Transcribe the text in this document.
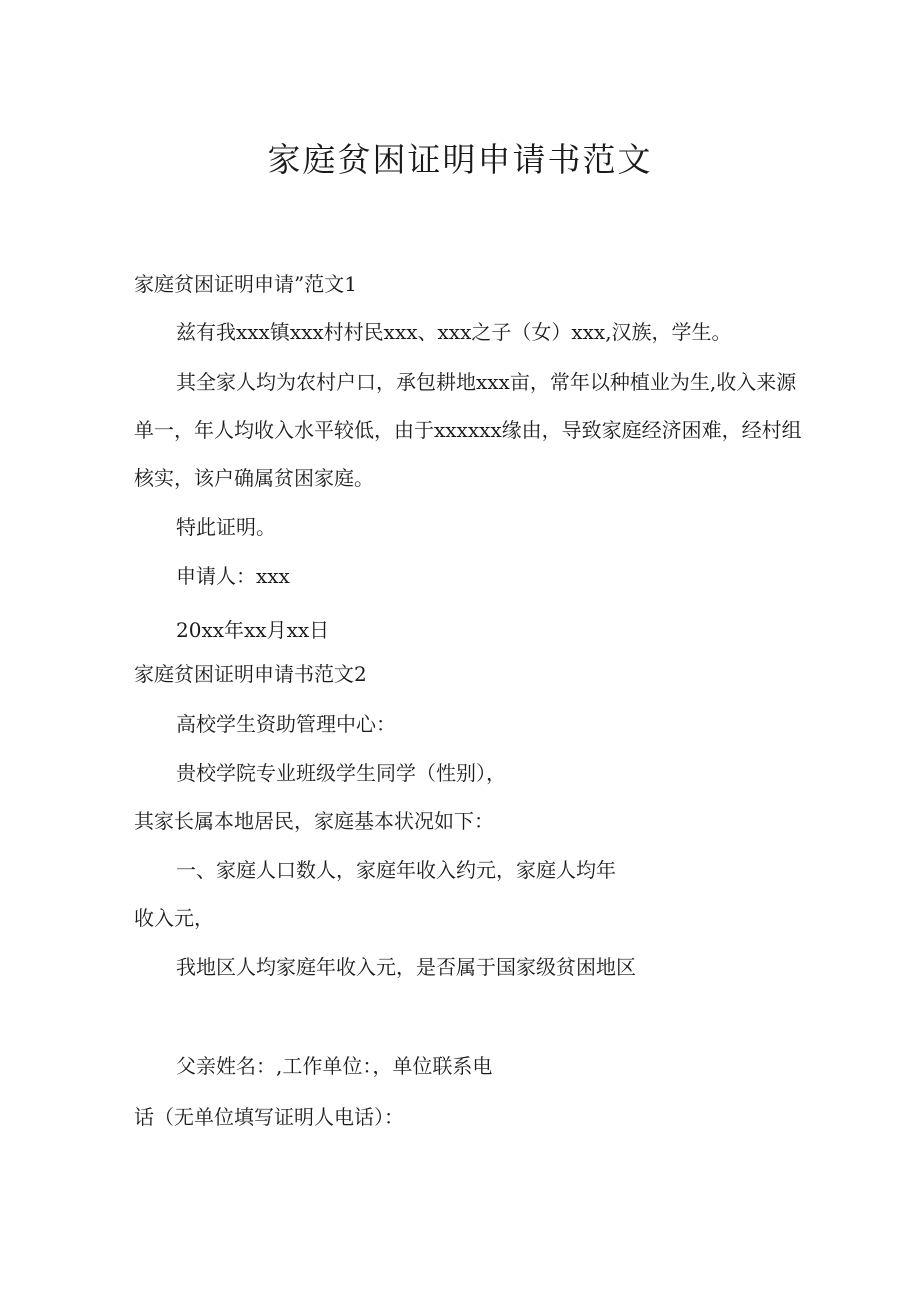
家庭贫困证明申请书范文
家庭贫困证明申请”范文1
兹有我xxx镇xxx村村民xxx、xxx之子（女）xxx,汉族，学生。
其全家人均为农村户口，承包耕地xxx亩，常年以种植业为生,收入来源
单一，年人均收入水平较低，由于xxxxxx缘由，导致家庭经济困难，经村组
核实，该户确属贫困家庭。
特此证明。
申请人：xxx
20xx年xx月xx日
家庭贫困证明申请书范文2
高校学生资助管理中心：
贵校学院专业班级学生同学（性别），
其家长属本地居民，家庭基本状况如下：
一、家庭人口数人，家庭年收入约元，家庭人均年
收入元，
我地区人均家庭年收入元，是否属于国家级贫困地区
父亲姓名：,工作单位：，单位联系电
话（无单位填写证明人电话）：
